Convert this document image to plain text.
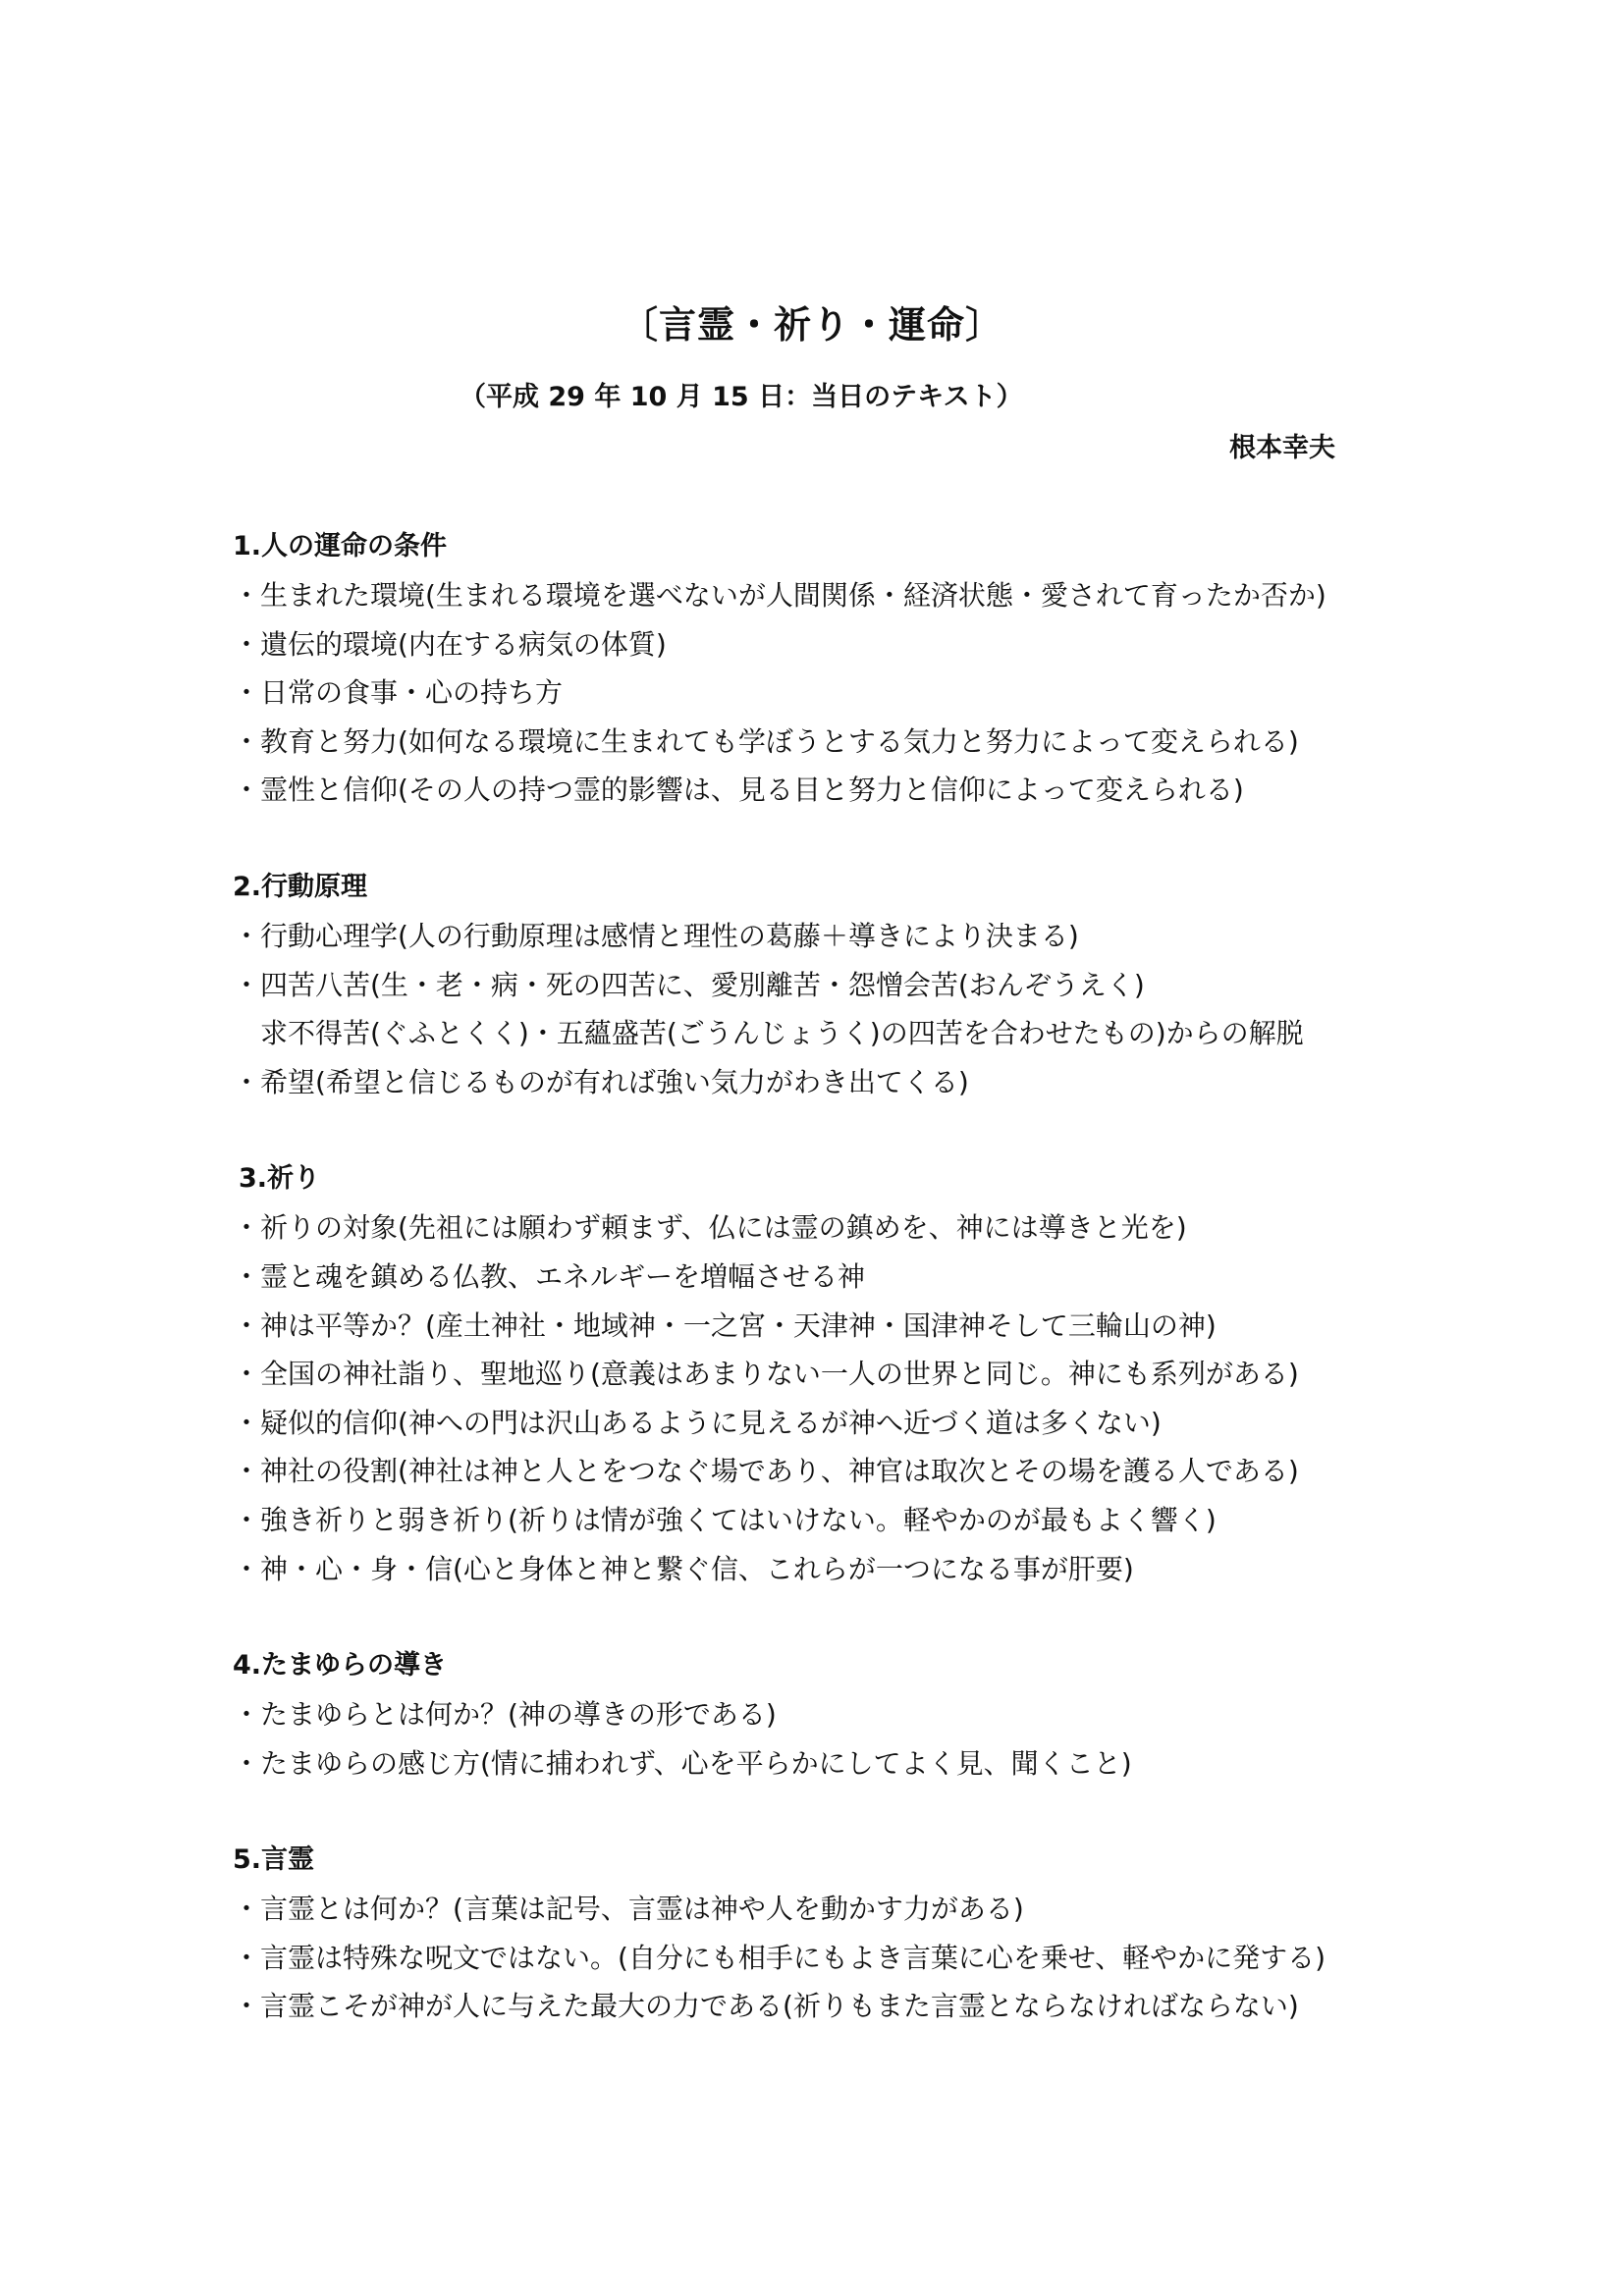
〔言霊・祈り・運命〕
（平成 29 年 10 月 15 日：当日のテキスト）
根本幸夫
1.人の運命の条件
・生まれた環境(生まれる環境を選べないが人間関係・経済状態・愛されて育ったか否か)
・遺伝的環境(内在する病気の体質)
・日常の食事・心の持ち方
・教育と努力(如何なる環境に生まれても学ぼうとする気力と努力によって変えられる)
・霊性と信仰(その人の持つ霊的影響は、見る目と努力と信仰によって変えられる)
2.行動原理
・行動心理学(人の行動原理は感情と理性の葛藤＋導きにより決まる)
・四苦八苦(生・老・病・死の四苦に、愛別離苦・怨憎会苦(おんぞうえく)
求不得苦(ぐふとくく)・五蘊盛苦(ごうんじょうく)の四苦を合わせたもの)からの解脱
・希望(希望と信じるものが有れば強い気力がわき出てくる)
3.祈り
・祈りの対象(先祖には願わず頼まず、仏には霊の鎮めを、神には導きと光を)
・霊と魂を鎮める仏教、エネルギーを増幅させる神
・神は平等か？(産土神社・地域神・一之宮・天津神・国津神そして三輪山の神)
・全国の神社詣り、聖地巡り(意義はあまりない一人の世界と同じ。神にも系列がある)
・疑似的信仰(神への門は沢山あるように見えるが神へ近づく道は多くない)
・神社の役割(神社は神と人とをつなぐ場であり、神官は取次とその場を護る人である)
・強き祈りと弱き祈り(祈りは情が強くてはいけない。軽やかのが最もよく響く)
・神・心・身・信(心と身体と神と繋ぐ信、これらが一つになる事が肝要)
4.たまゆらの導き
・たまゆらとは何か？(神の導きの形である)
・たまゆらの感じ方(情に捕われず、心を平らかにしてよく見、聞くこと)
5.言霊
・言霊とは何か？(言葉は記号、言霊は神や人を動かす力がある)
・言霊は特殊な呪文ではない。(自分にも相手にもよき言葉に心を乗せ、軽やかに発する)
・言霊こそが神が人に与えた最大の力である(祈りもまた言霊とならなければならない)
